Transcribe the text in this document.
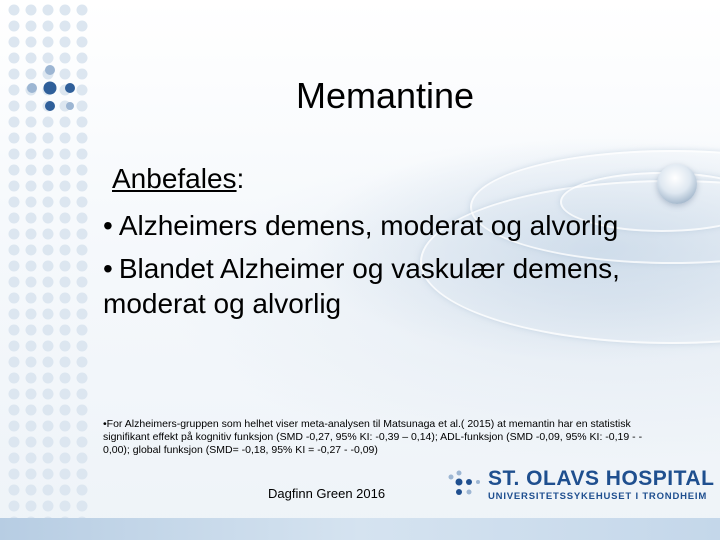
Memantine
Anbefales:
• Alzheimers demens, moderat og alvorlig
• Blandet Alzheimer og vaskulær demens, moderat og alvorlig
•For Alzheimers-gruppen som helhet viser meta-analysen til Matsunaga et al.( 2015) at memantin har en statistisk signifikant effekt på kognitiv funksjon (SMD -0,27, 95% KI: -0,39 – 0,14); ADL-funksjon (SMD -0,09, 95% KI: -0,19 - - 0,00); global funksjon (SMD= -0,18, 95% KI = -0,27 - -0,09)
Dagfinn Green 2016
ST. OLAVS HOSPITAL
UNIVERSITETSSYKEHUSET I TRONDHEIM
